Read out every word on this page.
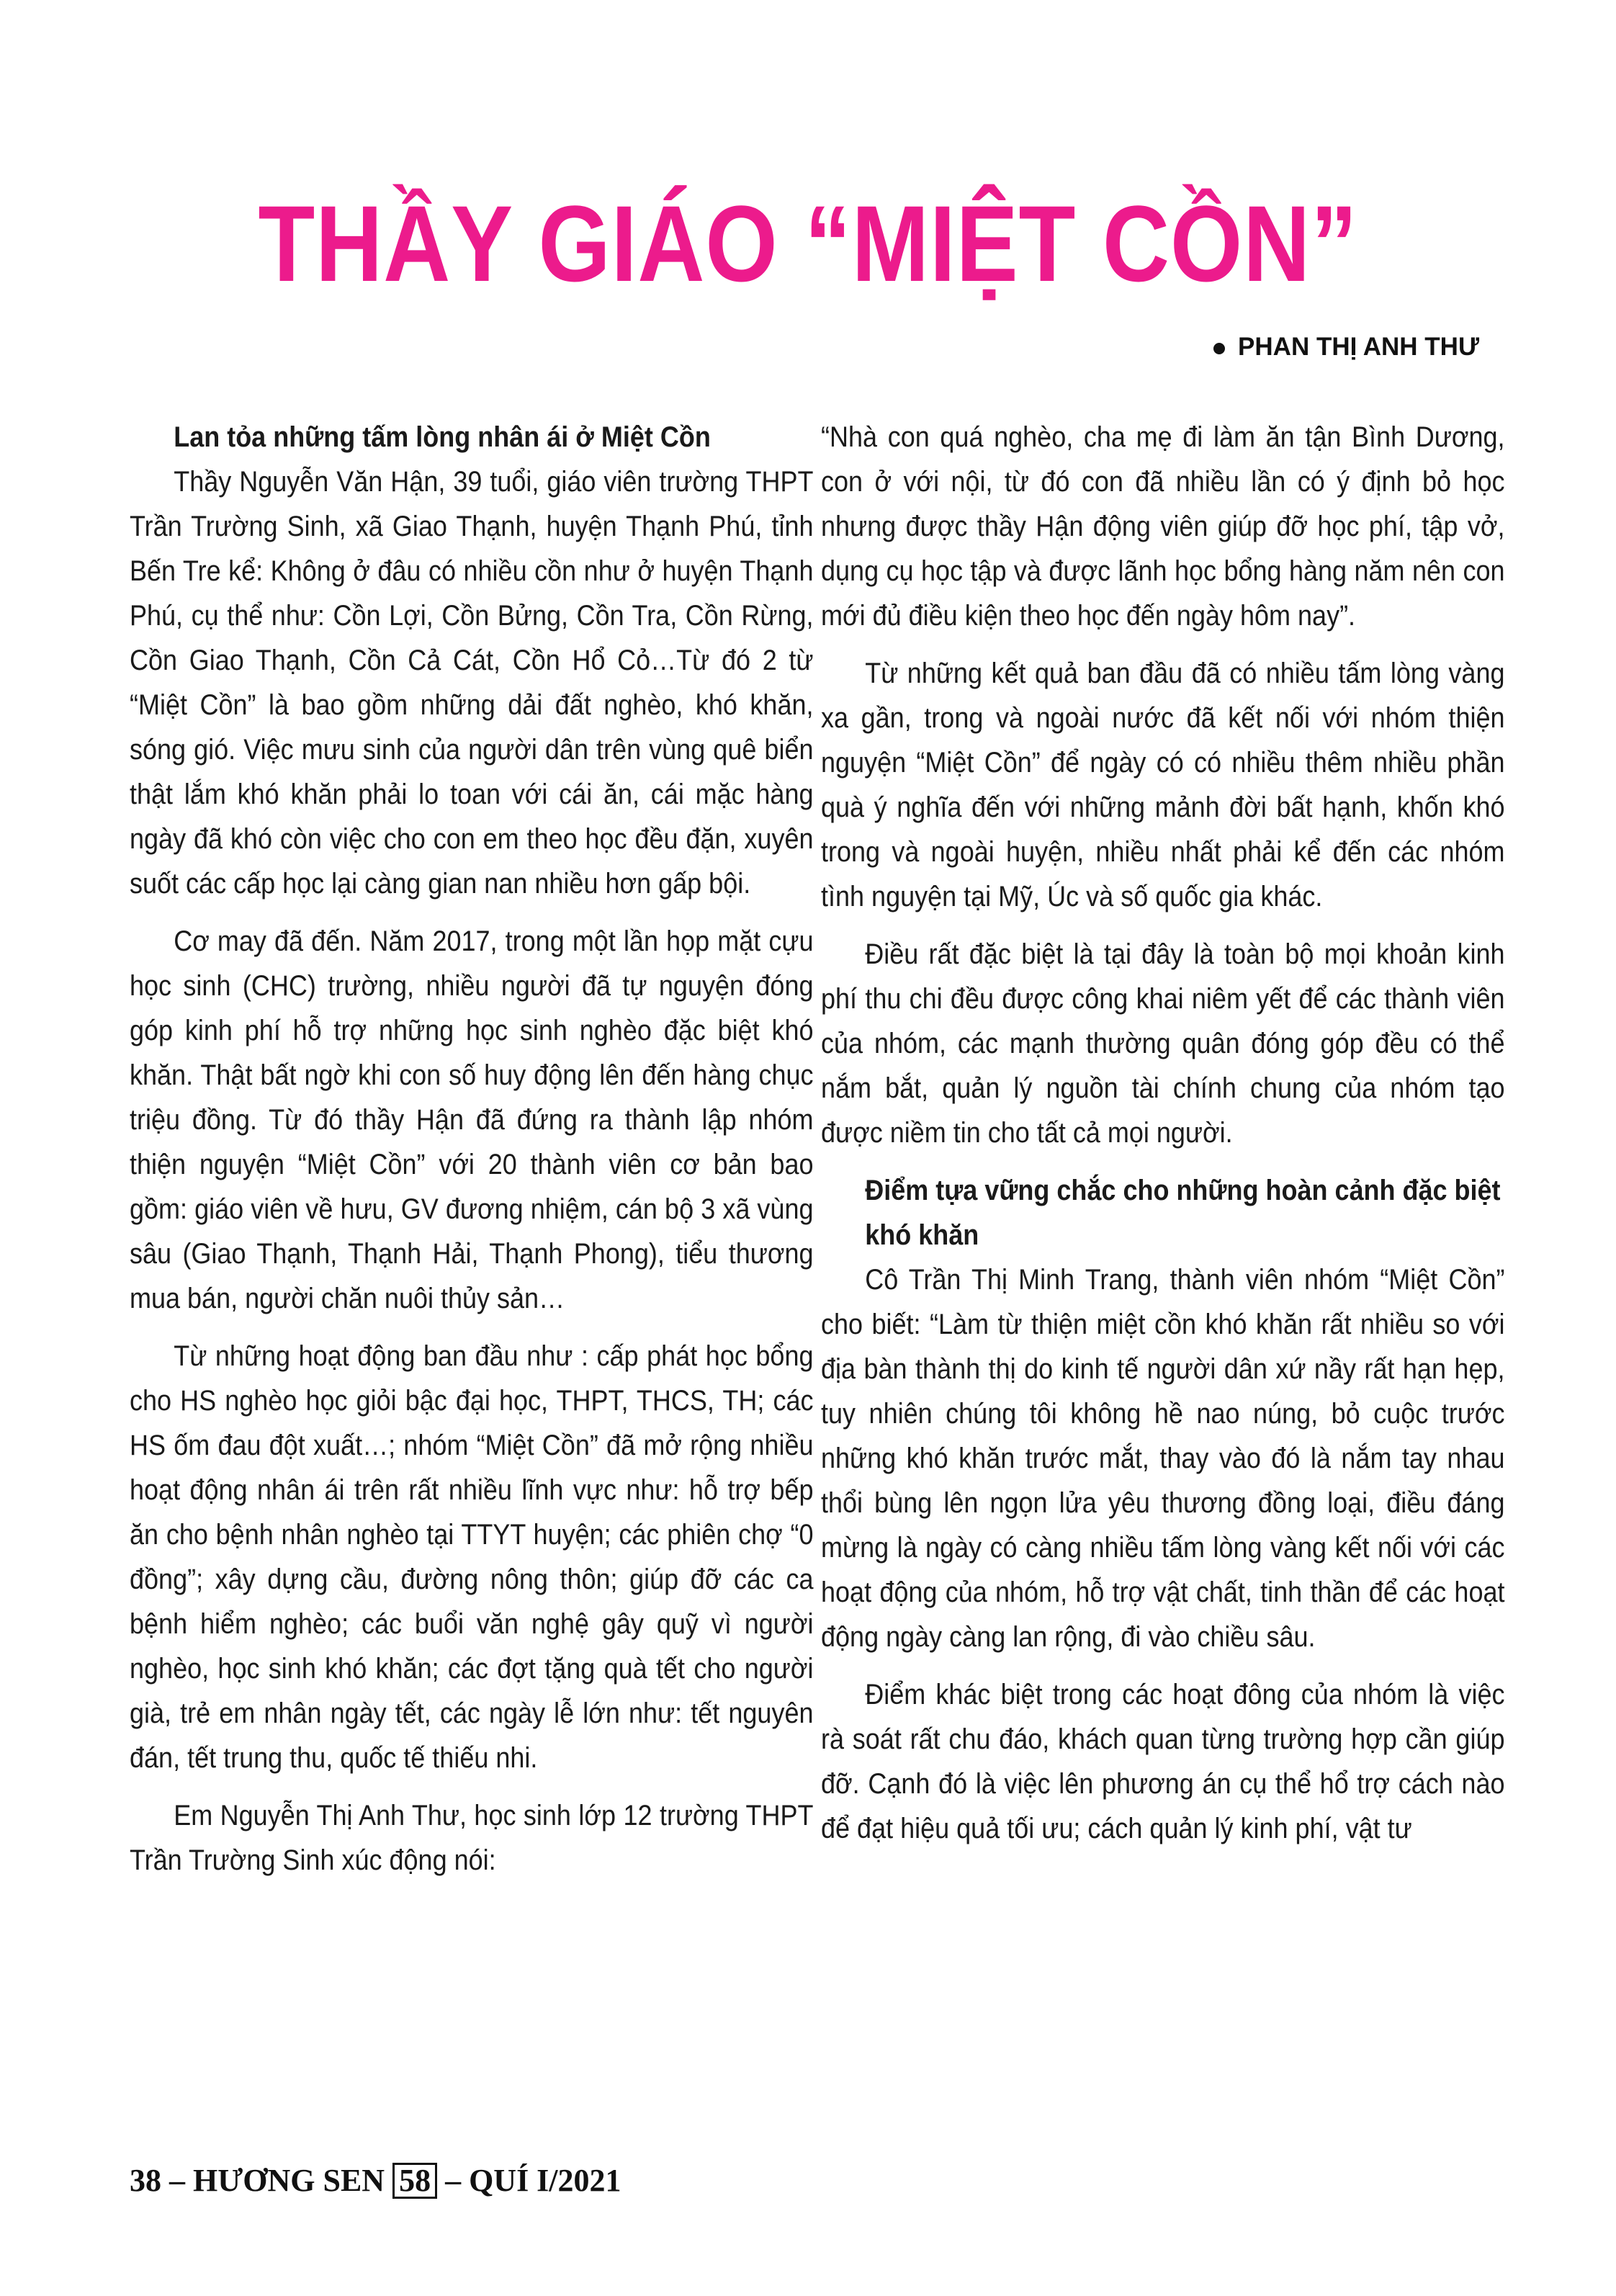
THẦY GIÁO “MIỆT CỒN”
PHAN THỊ ANH THƯ
Lan tỏa những tấm lòng nhân ái ở Miệt Cồn

Thầy Nguyễn Văn Hận, 39 tuổi, giáo viên trường THPT Trần Trường Sinh, xã Giao Thạnh, huyện Thạnh Phú, tỉnh Bến Tre kể: Không ở đâu có nhiều cồn như ở huyện Thạnh Phú, cụ thể như: Cồn Lợi, Cồn Bửng, Cồn Tra, Cồn Rừng, Cồn Giao Thạnh, Cồn Cả Cát, Cồn Hổ Cỏ…Từ đó 2 từ “Miệt Cồn” là bao gồm những dải đất nghèo, khó khăn, sóng gió. Việc mưu sinh của người dân trên vùng quê biển thật lắm khó khăn phải lo toan với cái ăn, cái mặc hàng ngày đã khó còn việc cho con em theo học đều đặn, xuyên suốt các cấp học lại càng gian nan nhiều hơn gấp bội.

Cơ may đã đến. Năm 2017, trong một lần họp mặt cựu học sinh (CHC) trường, nhiều người đã tự nguyện đóng góp kinh phí hỗ trợ những học sinh nghèo đặc biệt khó khăn. Thật bất ngờ khi con số huy động lên đến hàng chục triệu đồng. Từ đó thầy Hận đã đứng ra thành lập nhóm thiện nguyện “Miệt Cồn” với 20 thành viên cơ bản bao gồm: giáo viên về hưu, GV đương nhiệm, cán bộ 3 xã vùng sâu (Giao Thạnh, Thạnh Hải, Thạnh Phong), tiểu thương mua bán, người chăn nuôi thủy sản…

Từ những hoạt động ban đầu như : cấp phát học bổng cho HS nghèo học giỏi bậc đại học, THPT, THCS, TH; các HS ốm đau đột xuất…; nhóm “Miệt Cồn” đã mở rộng nhiều hoạt động nhân ái trên rất nhiều lĩnh vực như: hỗ trợ bếp ăn cho bệnh nhân nghèo tại TTYT huyện; các phiên chợ “0 đồng”; xây dựng cầu, đường nông thôn; giúp đỡ các ca bệnh hiểm nghèo; các buổi văn nghệ gây quỹ vì người nghèo, học sinh khó khăn; các đợt tặng quà tết cho người già, trẻ em nhân ngày tết, các ngày lễ lớn như: tết nguyên đán, tết trung thu, quốc tế thiếu nhi.

Em Nguyễn Thị Anh Thư, học sinh lớp 12 trường THPT Trần Trường Sinh xúc động nói:

“Nhà con quá nghèo, cha mẹ đi làm ăn tận Bình Dương, con ở với nội, từ đó con đã nhiều lần có ý định bỏ học nhưng được thầy Hận động viên giúp đỡ học phí, tập vở, dụng cụ học tập và được lãnh học bổng hàng năm nên con mới đủ điều kiện theo học đến ngày hôm nay”.

Từ những kết quả ban đầu đã có nhiều tấm lòng vàng xa gần, trong và ngoài nước đã kết nối với nhóm thiện nguyện “Miệt Cồn” để ngày có có nhiều thêm nhiều phần quà ý nghĩa đến với những mảnh đời bất hạnh, khốn khó trong và ngoài huyện, nhiều nhất phải kể đến các nhóm tình nguyện tại Mỹ, Úc và số quốc gia khác.

Điều rất đặc biệt là tại đây là toàn bộ mọi khoản kinh phí thu chi đều được công khai niêm yết để các thành viên của nhóm, các mạnh thường quân đóng góp đều có thể nắm bắt, quản lý nguồn tài chính chung của nhóm tạo được niềm tin cho tất cả mọi người.

Điểm tựa vững chắc cho những hoàn cảnh đặc biệt khó khăn

Cô Trần Thị Minh Trang, thành viên nhóm “Miệt Cồn” cho biết: “Làm từ thiện miệt cồn khó khăn rất nhiều so với địa bàn thành thị do kinh tế người dân xứ nầy rất hạn hẹp, tuy nhiên chúng tôi không hề nao núng, bỏ cuộc trước những khó khăn trước mắt, thay vào đó là nắm tay nhau thổi bùng lên ngọn lửa yêu thương đồng loại, điều đáng mừng là ngày có càng nhiều tấm lòng vàng kết nối với các hoạt động của nhóm, hỗ trợ vật chất, tinh thần để các hoạt động ngày càng lan rộng, đi vào chiều sâu.

Điểm khác biệt trong các hoạt đông của nhóm là việc rà soát rất chu đáo, khách quan từng trường hợp cần giúp đỡ. Cạnh đó là việc lên phương án cụ thể hổ trợ cách nào để đạt hiệu quả tối ưu; cách quản lý kinh phí, vật tư

38 – HƯƠNG SEN 58 – QUÍ I/2021
